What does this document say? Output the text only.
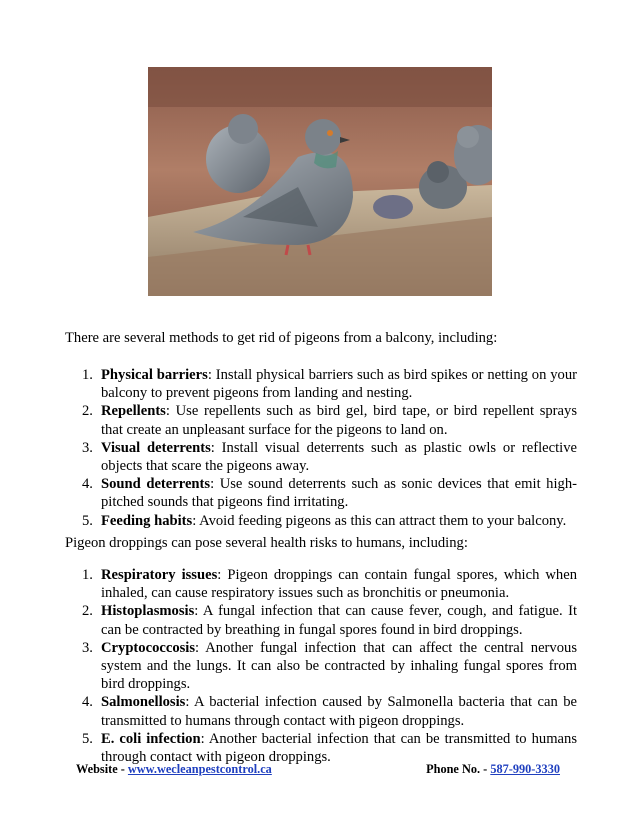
There are several methods to get rid of pigeons from a balcony, including:

1. Physical barriers: Install physical barriers such as bird spikes or netting on your balcony to prevent pigeons from landing and nesting.
2. Repellents: Use repellents such as bird gel, bird tape, or bird repellent sprays that create an unpleasant surface for the pigeons to land on.
3. Visual deterrents: Install visual deterrents such as plastic owls or reflective objects that scare the pigeons away.
4. Sound deterrents: Use sound deterrents such as sonic devices that emit high-pitched sounds that pigeons find irritating.
5. Feeding habits: Avoid feeding pigeons as this can attract them to your balcony.

Pigeon droppings can pose several health risks to humans, including:

1. Respiratory issues: Pigeon droppings can contain fungal spores, which when inhaled, can cause respiratory issues such as bronchitis or pneumonia.
2. Histoplasmosis: A fungal infection that can cause fever, cough, and fatigue. It can be contracted by breathing in fungal spores found in bird droppings.
3. Cryptococcosis: Another fungal infection that can affect the central nervous system and the lungs. It can also be contracted by inhaling fungal spores from bird droppings.
4. Salmonellosis: A bacterial infection caused by Salmonella bacteria that can be transmitted to humans through contact with pigeon droppings.
5. E. coli infection: Another bacterial infection that can be transmitted to humans through contact with pigeon droppings.
Website - www.wecleanpestcontrol.ca	Phone No. - 587-990-3330
